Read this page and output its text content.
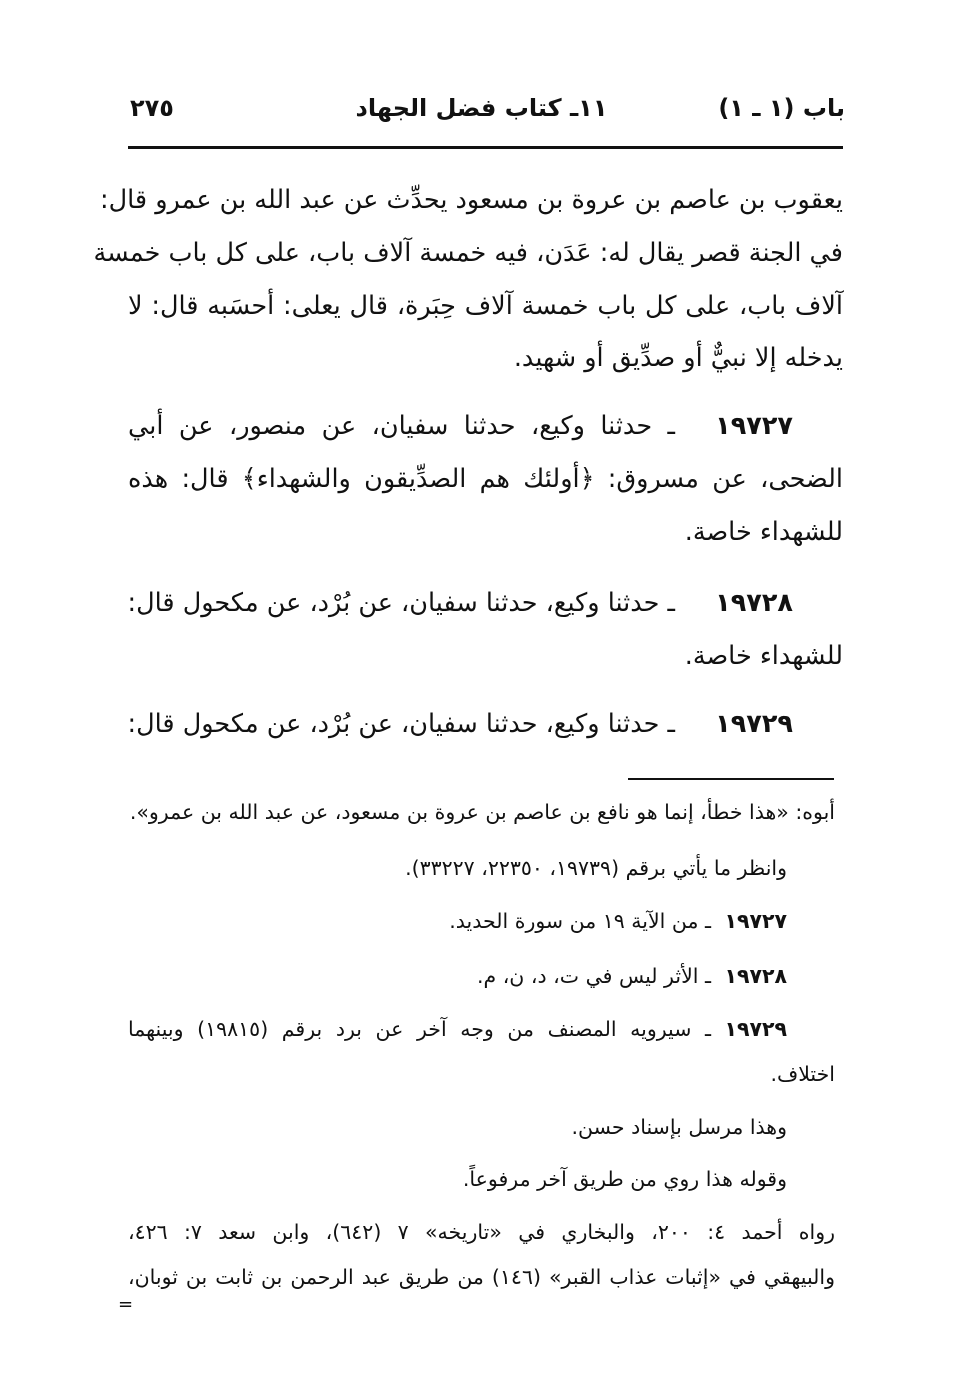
باب (١ ـ ١)
١١ـ كتاب فضل الجهاد
٢٧٥
يعقوب بن عاصم بن عروة بن مسعود يحدِّث عن عبد الله بن عمرو قال:
في الجنة قصر يقال له: عَدَن، فيه خمسة آلاف باب، على كل باب خمسة
آلاف باب، على كل باب خمسة آلاف حِبَرة، قال يعلى: أحسَبه قال: لا
يدخله إلا نبيٌّ أو صدِّيق أو شهيد.
١٩٧٢٧
ـ حدثنا وكيع، حدثنا سفيان، عن منصور، عن أبي
الضحى، عن مسروق: ﴿أولئك هم الصدِّيقون والشهداء﴾ قال: هذه
للشهداء خاصة.
١٩٧٢٨
ـ حدثنا وكيع، حدثنا سفيان، عن بُرْد، عن مكحول قال:
للشهداء خاصة.
١٩٧٢٩
ـ حدثنا وكيع، حدثنا سفيان، عن بُرْد، عن مكحول قال:
أبوه: «هذا خطأ، إنما هو نافع بن عاصم بن عروة بن مسعود، عن عبد الله بن عمرو».
وانظر ما يأتي برقم (١٩٧٣٩، ٢٢٣٥٠، ٣٣٢٢٧).
١٩٧٢٧
ـ من الآية ١٩ من سورة الحديد.
١٩٧٢٨
ـ الأثر ليس في ت، د، ن، م.
١٩٧٢٩
ـ سيرويه المصنف من وجه آخر عن برد برقم (١٩٨١٥) وبينهما
اختلاف.
وهذا مرسل بإسناد حسن.
وقوله هذا روي من طريق آخر مرفوعاً.
رواه أحمد ٤: ٢٠٠، والبخاري في «تاريخه» ٧ (٦٤٢)، وابن سعد ٧: ٤٢٦،
والبيهقي في «إثبات عذاب القبر» (١٤٦) من طريق عبد الرحمن بن ثابت بن ثوبان،
=
